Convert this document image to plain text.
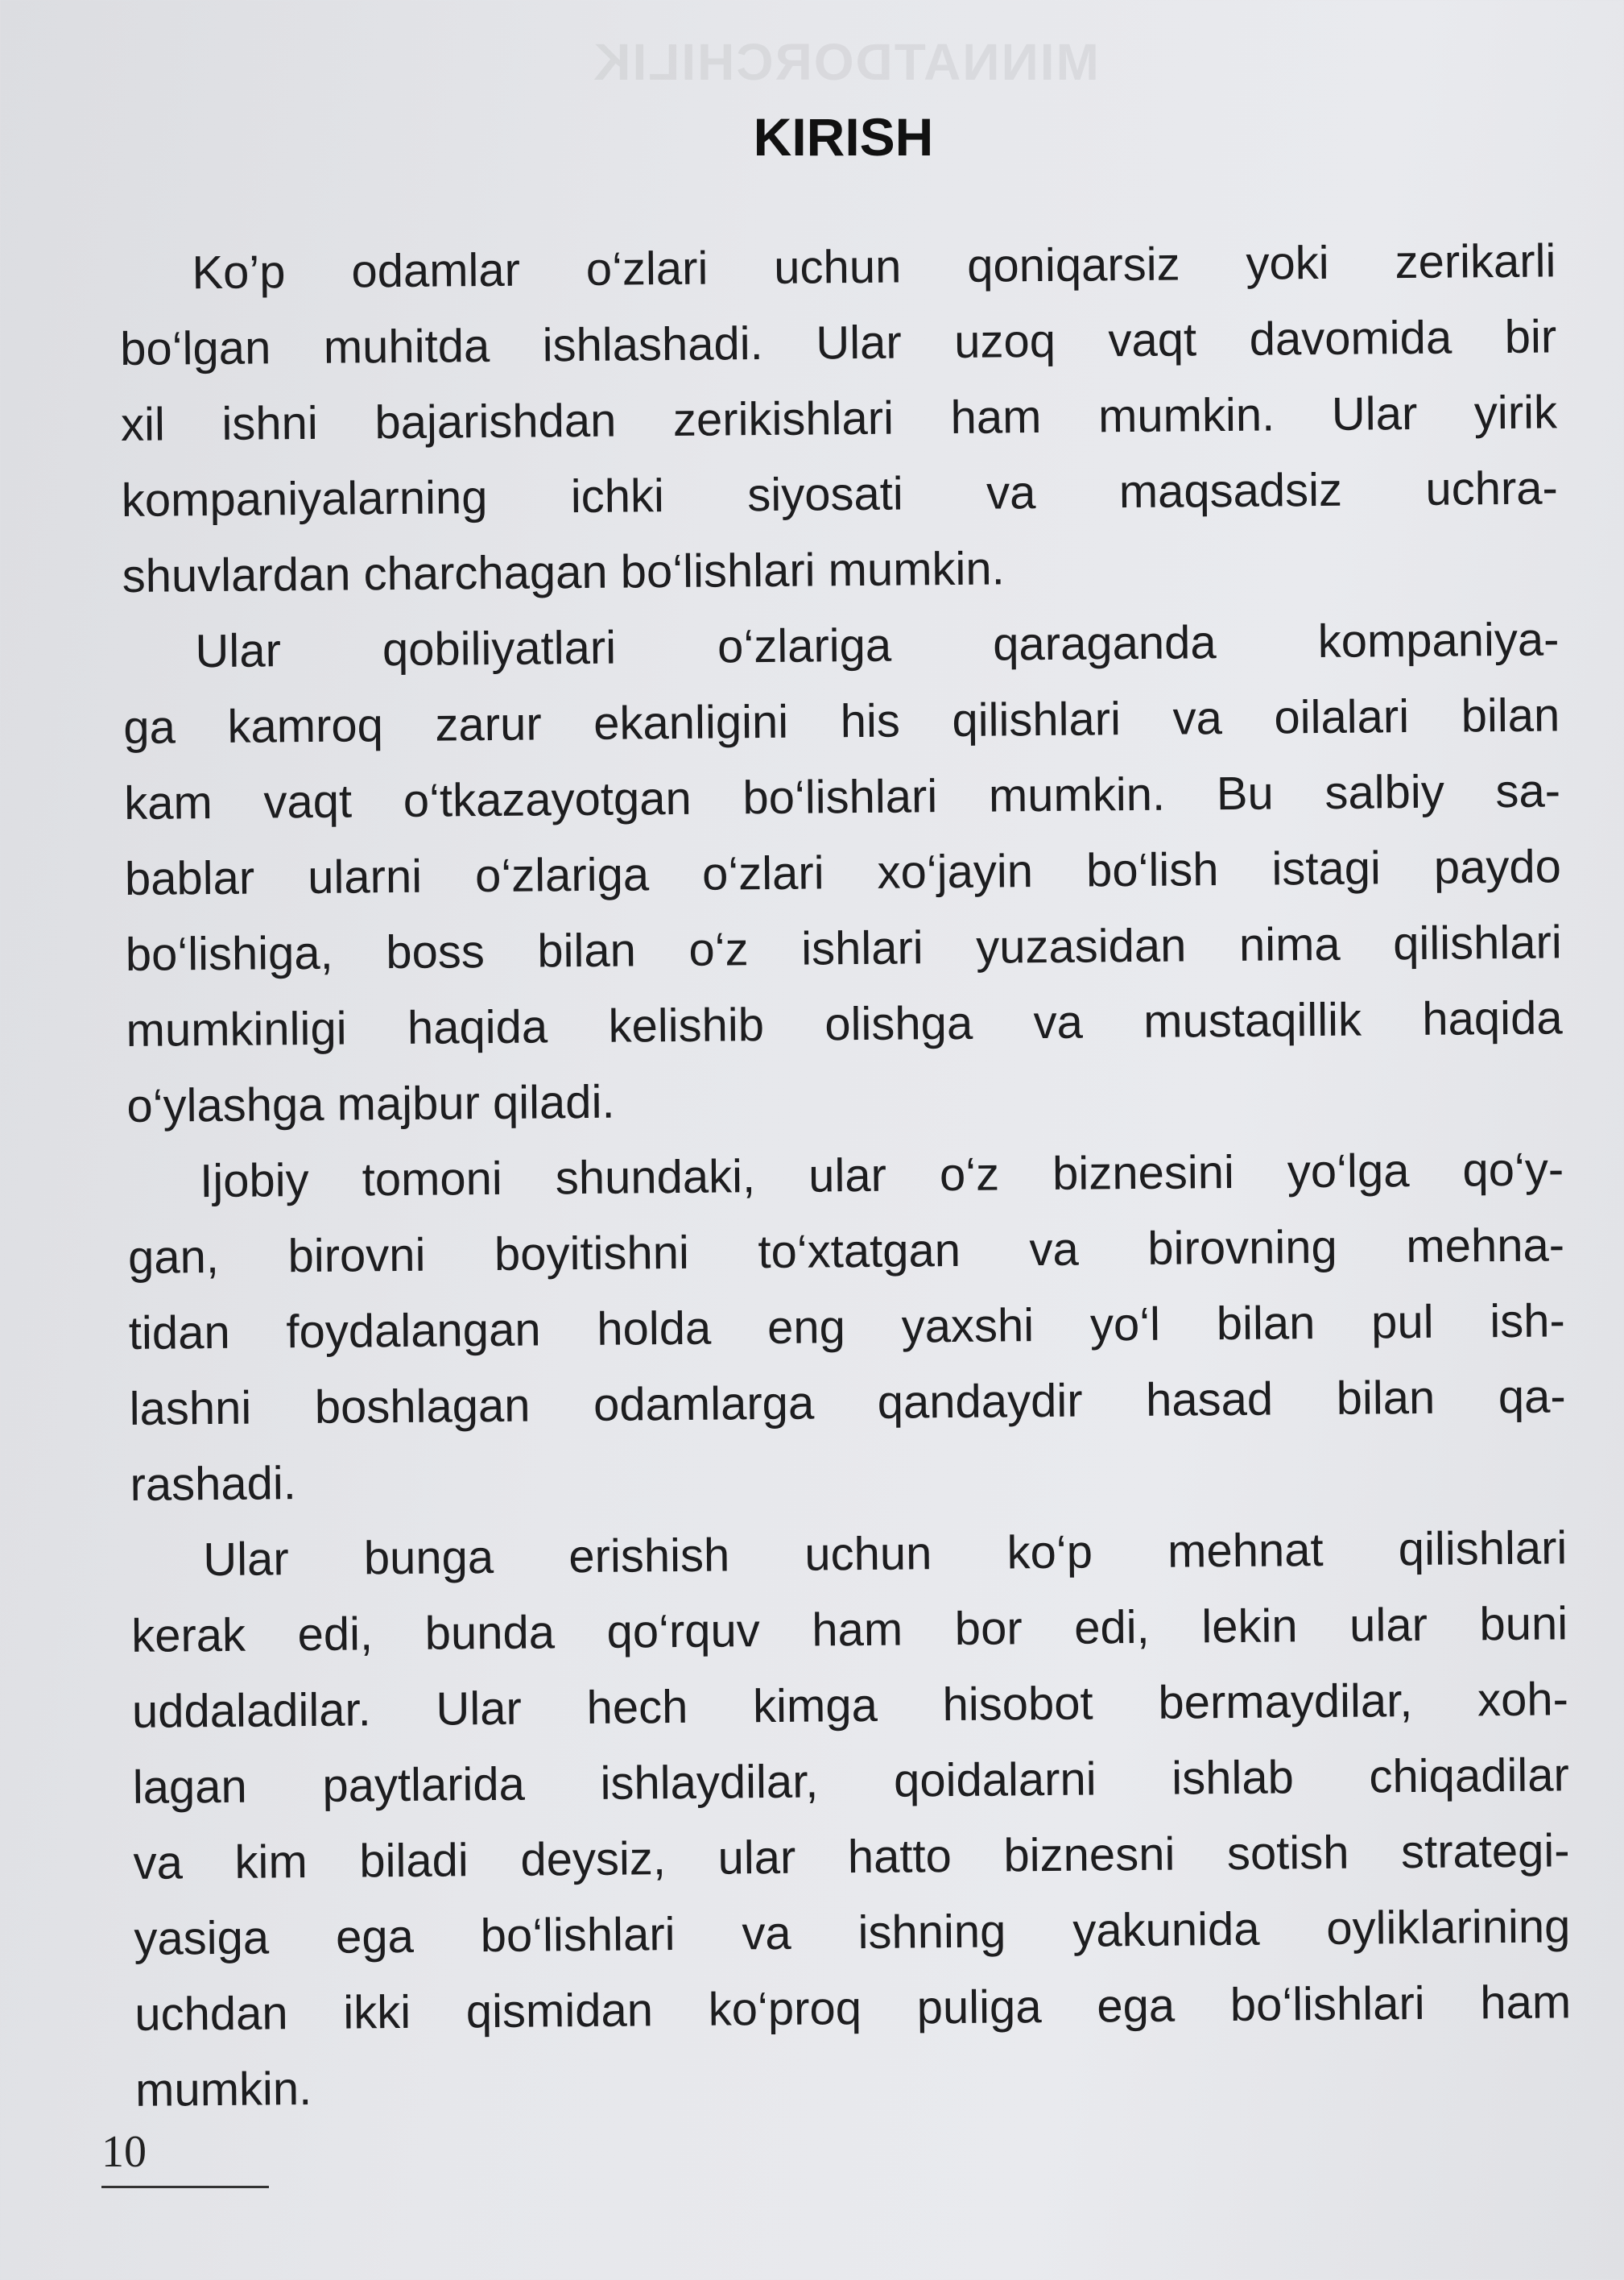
MINNATDORCHILIK
KIRISH
Ko’p odamlar o‘zlari uchun qoniqarsiz yoki zerikarli
bo‘lgan muhitda ishlashadi. Ular uzoq vaqt davomida bir
xil ishni bajarishdan zerikishlari ham mumkin. Ular yirik
kompaniyalarning ichki siyosati va maqsadsiz uchra-
shuvlardan charchagan bo‘lishlari mumkin.
Ular qobiliyatlari o‘zlariga qaraganda kompaniya-
ga kamroq zarur ekanligini his qilishlari va oilalari bilan
kam vaqt o‘tkazayotgan bo‘lishlari mumkin. Bu salbiy sa-
bablar ularni o‘zlariga o‘zlari xo‘jayin bo‘lish istagi paydo
bo‘lishiga, boss bilan o‘z ishlari yuzasidan nima qilishlari
mumkinligi haqida kelishib olishga va mustaqillik haqida
o‘ylashga majbur qiladi.
Ijobiy tomoni shundaki, ular o‘z biznesini yo‘lga qo‘y-
gan, birovni boyitishni to‘xtatgan va birovning mehna-
tidan foydalangan holda eng yaxshi yo‘l bilan pul ish-
lashni boshlagan odamlarga qandaydir hasad bilan qa-
rashadi.
Ular bunga erishish uchun ko‘p mehnat qilishlari
kerak edi, bunda qo‘rquv ham bor edi, lekin ular buni
uddaladilar. Ular hech kimga hisobot bermaydilar, xoh-
lagan paytlarida ishlaydilar, qoidalarni ishlab chiqadilar
va kim biladi deysiz, ular hatto biznesni sotish strategi-
yasiga ega bo‘lishlari va ishning yakunida oyliklarining
uchdan ikki qismidan ko‘proq puliga ega bo‘lishlari ham
mumkin.
10
